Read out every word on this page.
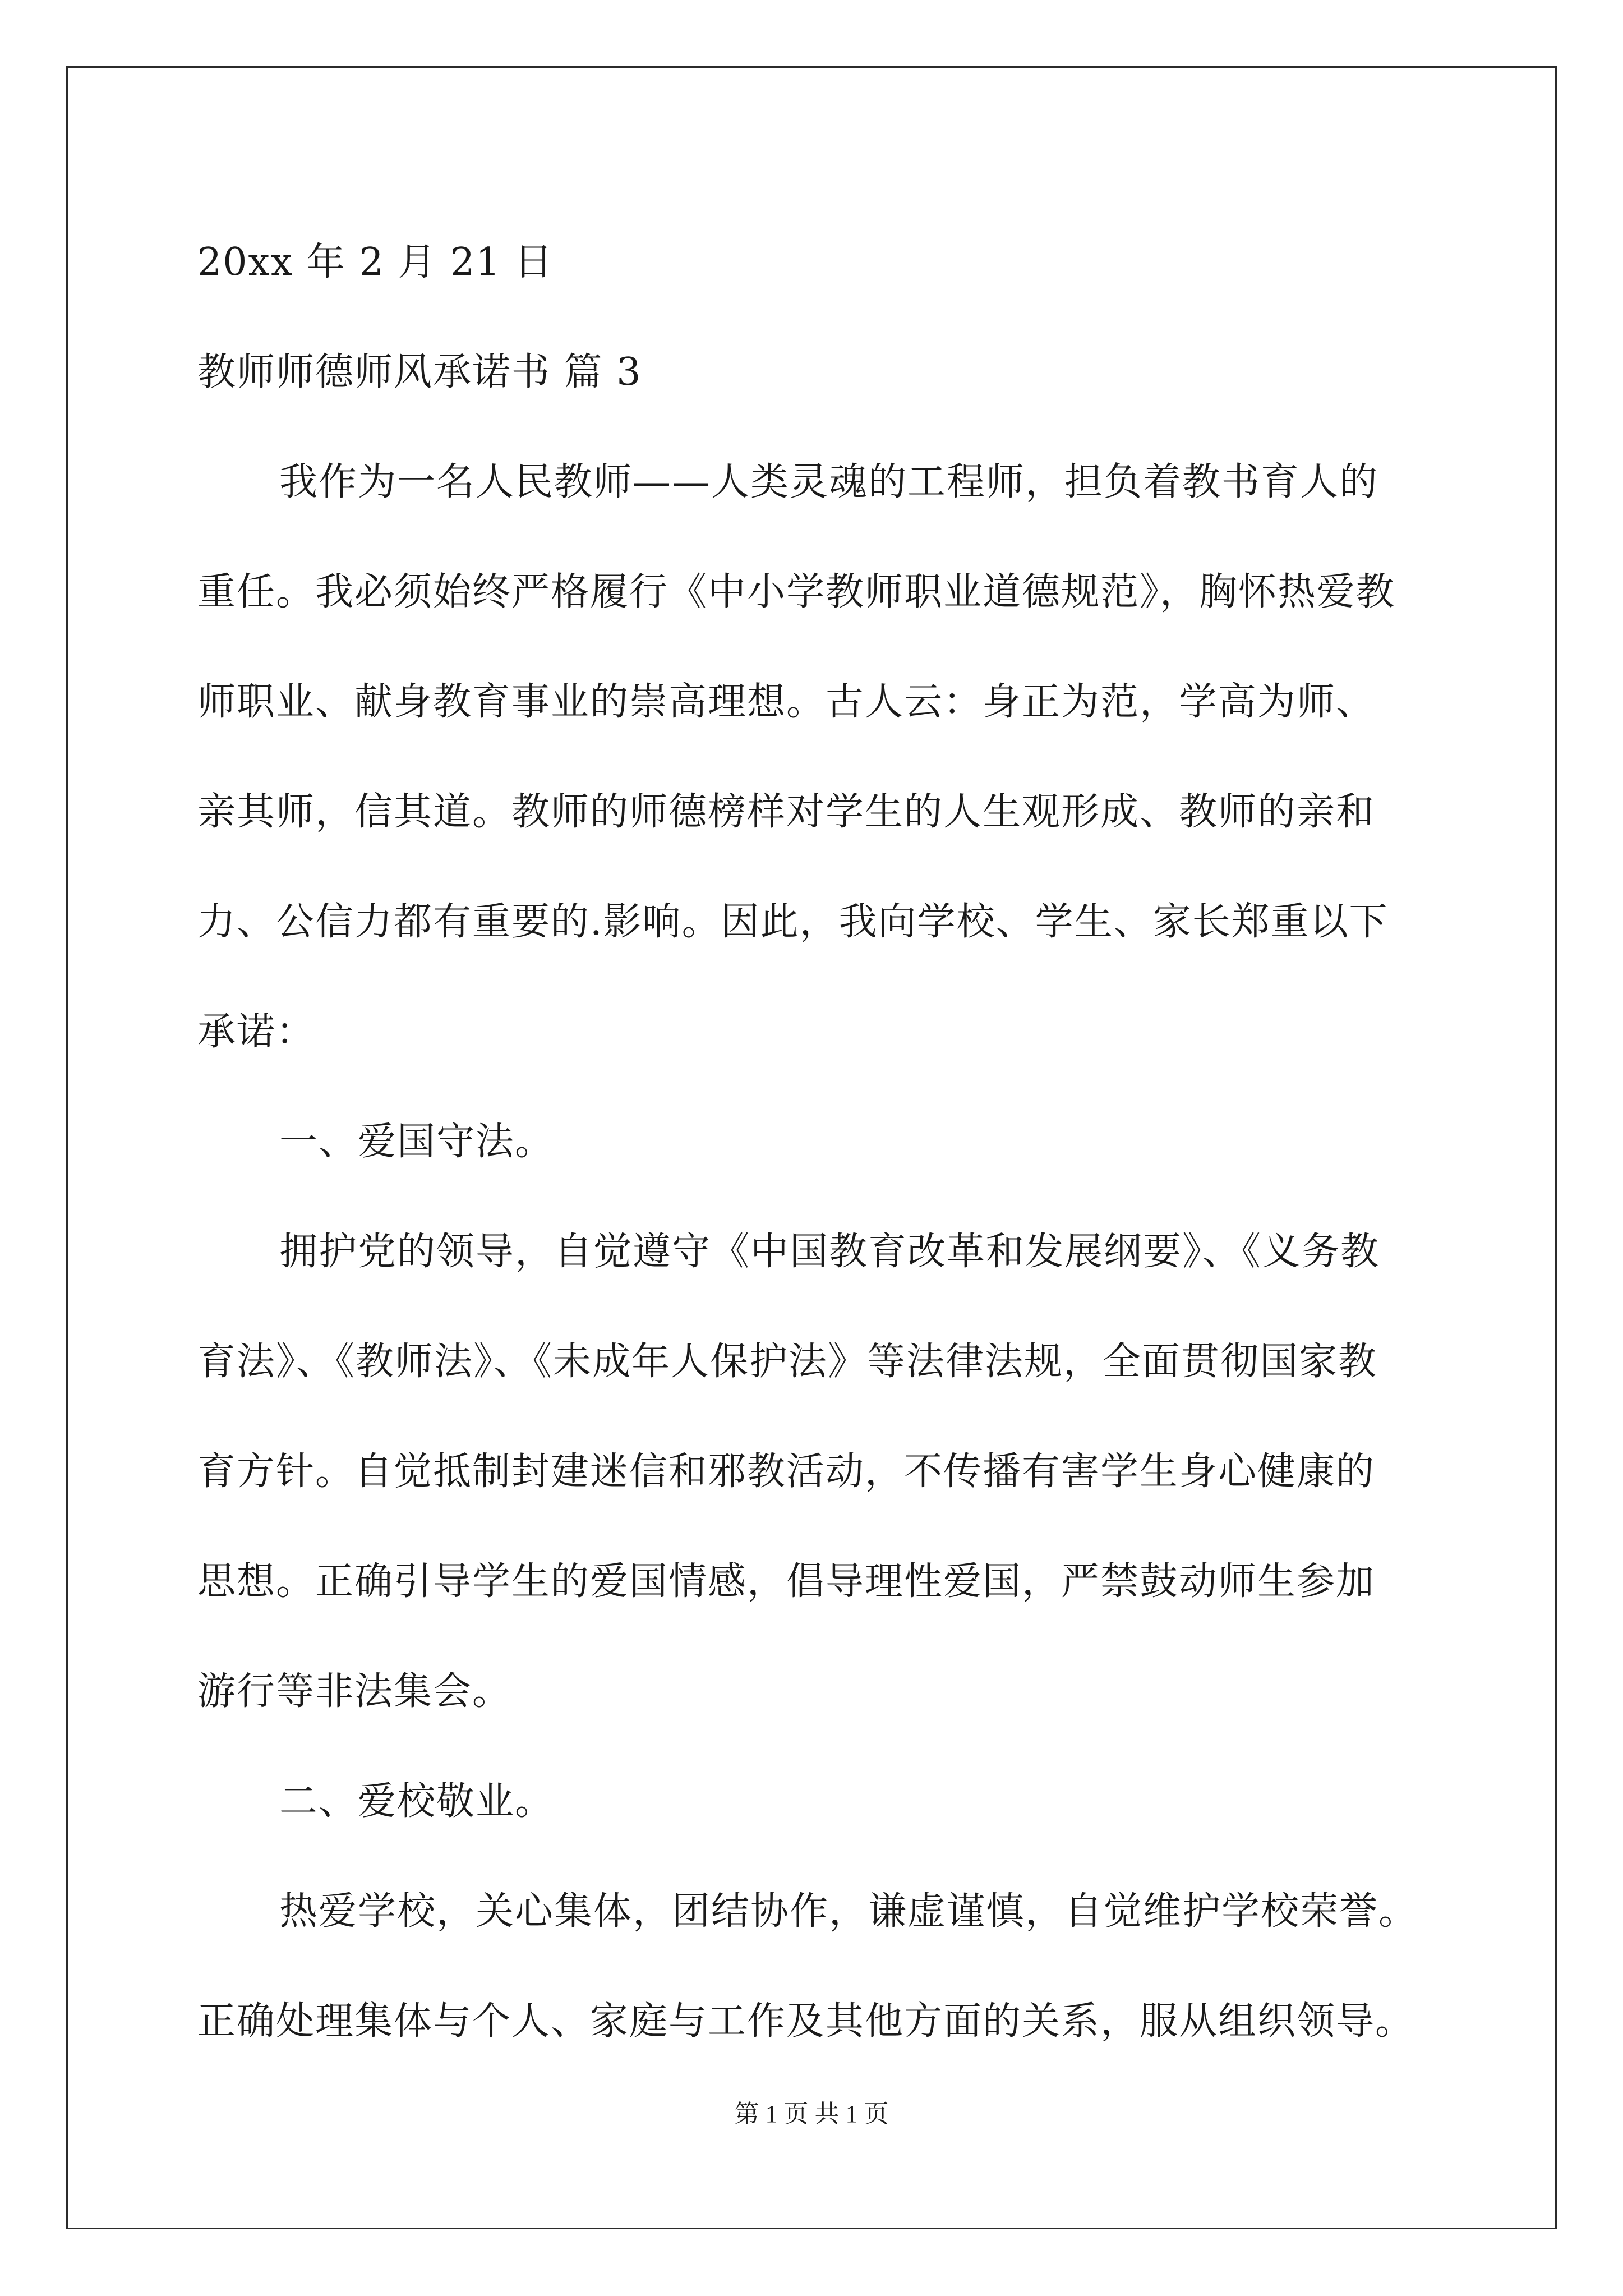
20xx 年 2 月 21 日
教师师德师风承诺书 篇 3
我作为一名人民教师——人类灵魂的工程师，担负着教书育人的
重任。我必须始终严格履行《中小学教师职业道德规范》，胸怀热爱教
师职业、献身教育事业的崇高理想。古人云：身正为范，学高为师、
亲其师，信其道。教师的师德榜样对学生的人生观形成、教师的亲和
力、公信力都有重要的.影响。因此，我向学校、学生、家长郑重以下
承诺：
一、爱国守法。
拥护党的领导，自觉遵守《中国教育改革和发展纲要》、《义务教
育法》、《教师法》、《未成年人保护法》等法律法规，全面贯彻国家教
育方针。自觉抵制封建迷信和邪教活动，不传播有害学生身心健康的
思想。正确引导学生的爱国情感，倡导理性爱国，严禁鼓动师生参加
游行等非法集会。
二、爱校敬业。
热爱学校，关心集体，团结协作，谦虚谨慎，自觉维护学校荣誉。
正确处理集体与个人、家庭与工作及其他方面的关系，服从组织领导。
第 1 页 共 1 页
